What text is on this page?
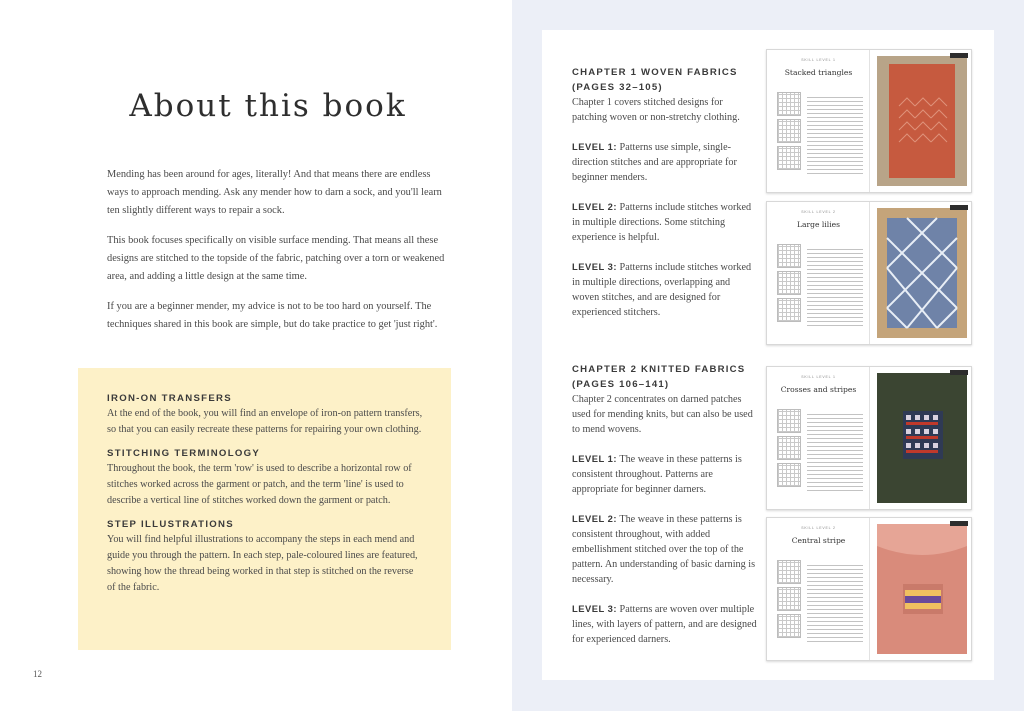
About this book

Mending has been around for ages, literally! And that means there are endless ways to approach mending. Ask any mender how to darn a sock, and you'll learn ten slightly different ways to repair a sock.

This book focuses specifically on visible surface mending. That means all these designs are stitched to the topside of the fabric, patching over a torn or weakened area, and adding a little design at the same time.

If you are a beginner mender, my advice is not to be too hard on yourself. The techniques shared in this book are simple, but do take practice to get 'just right'.

IRON-ON TRANSFERS
At the end of the book, you will find an envelope of iron-on pattern transfers, so that you can easily recreate these patterns for repairing your own clothing.
STITCHING TERMINOLOGY
Throughout the book, the term 'row' is used to describe a horizontal row of stitches worked across the garment or patch, and the term 'line' is used to describe a vertical line of stitches worked down the garment or patch.
STEP ILLUSTRATIONS
You will find helpful illustrations to accompany the steps in each mend and guide you through the pattern. In each step, pale-coloured lines are featured, showing how the thread being worked in that step is stitched on the reverse of the fabric.
12
CHAPTER 1 WOVEN FABRICS
(PAGES 32–105)
Chapter 1 covers stitched designs for patching woven or non-stretchy clothing.
LEVEL 1: Patterns use simple, single-direction stitches and are appropriate for beginner menders.
LEVEL 2: Patterns include stitches worked in multiple directions. Some stitching experience is helpful.
LEVEL 3: Patterns include stitches worked in multiple directions, overlapping and woven stitches, and are designed for experienced stitchers.
CHAPTER 2 KNITTED FABRICS
(PAGES 106–141)
Chapter 2 concentrates on darned patches used for mending knits, but can also be used to mend wovens.
LEVEL 1: The weave in these patterns is consistent throughout. Patterns are appropriate for beginner darners.
LEVEL 2: The weave in these patterns is consistent throughout, with added embellishment stitched over the top of the pattern. An understanding of basic darning is necessary.
LEVEL 3: Patterns are woven over multiple lines, with layers of pattern, and are designed for experienced darners.
SKILL LEVEL 1
Stacked triangles
SKILL LEVEL 2
Large lilies
SKILL LEVEL 1
Crosses and stripes
SKILL LEVEL 2
Central stripe
